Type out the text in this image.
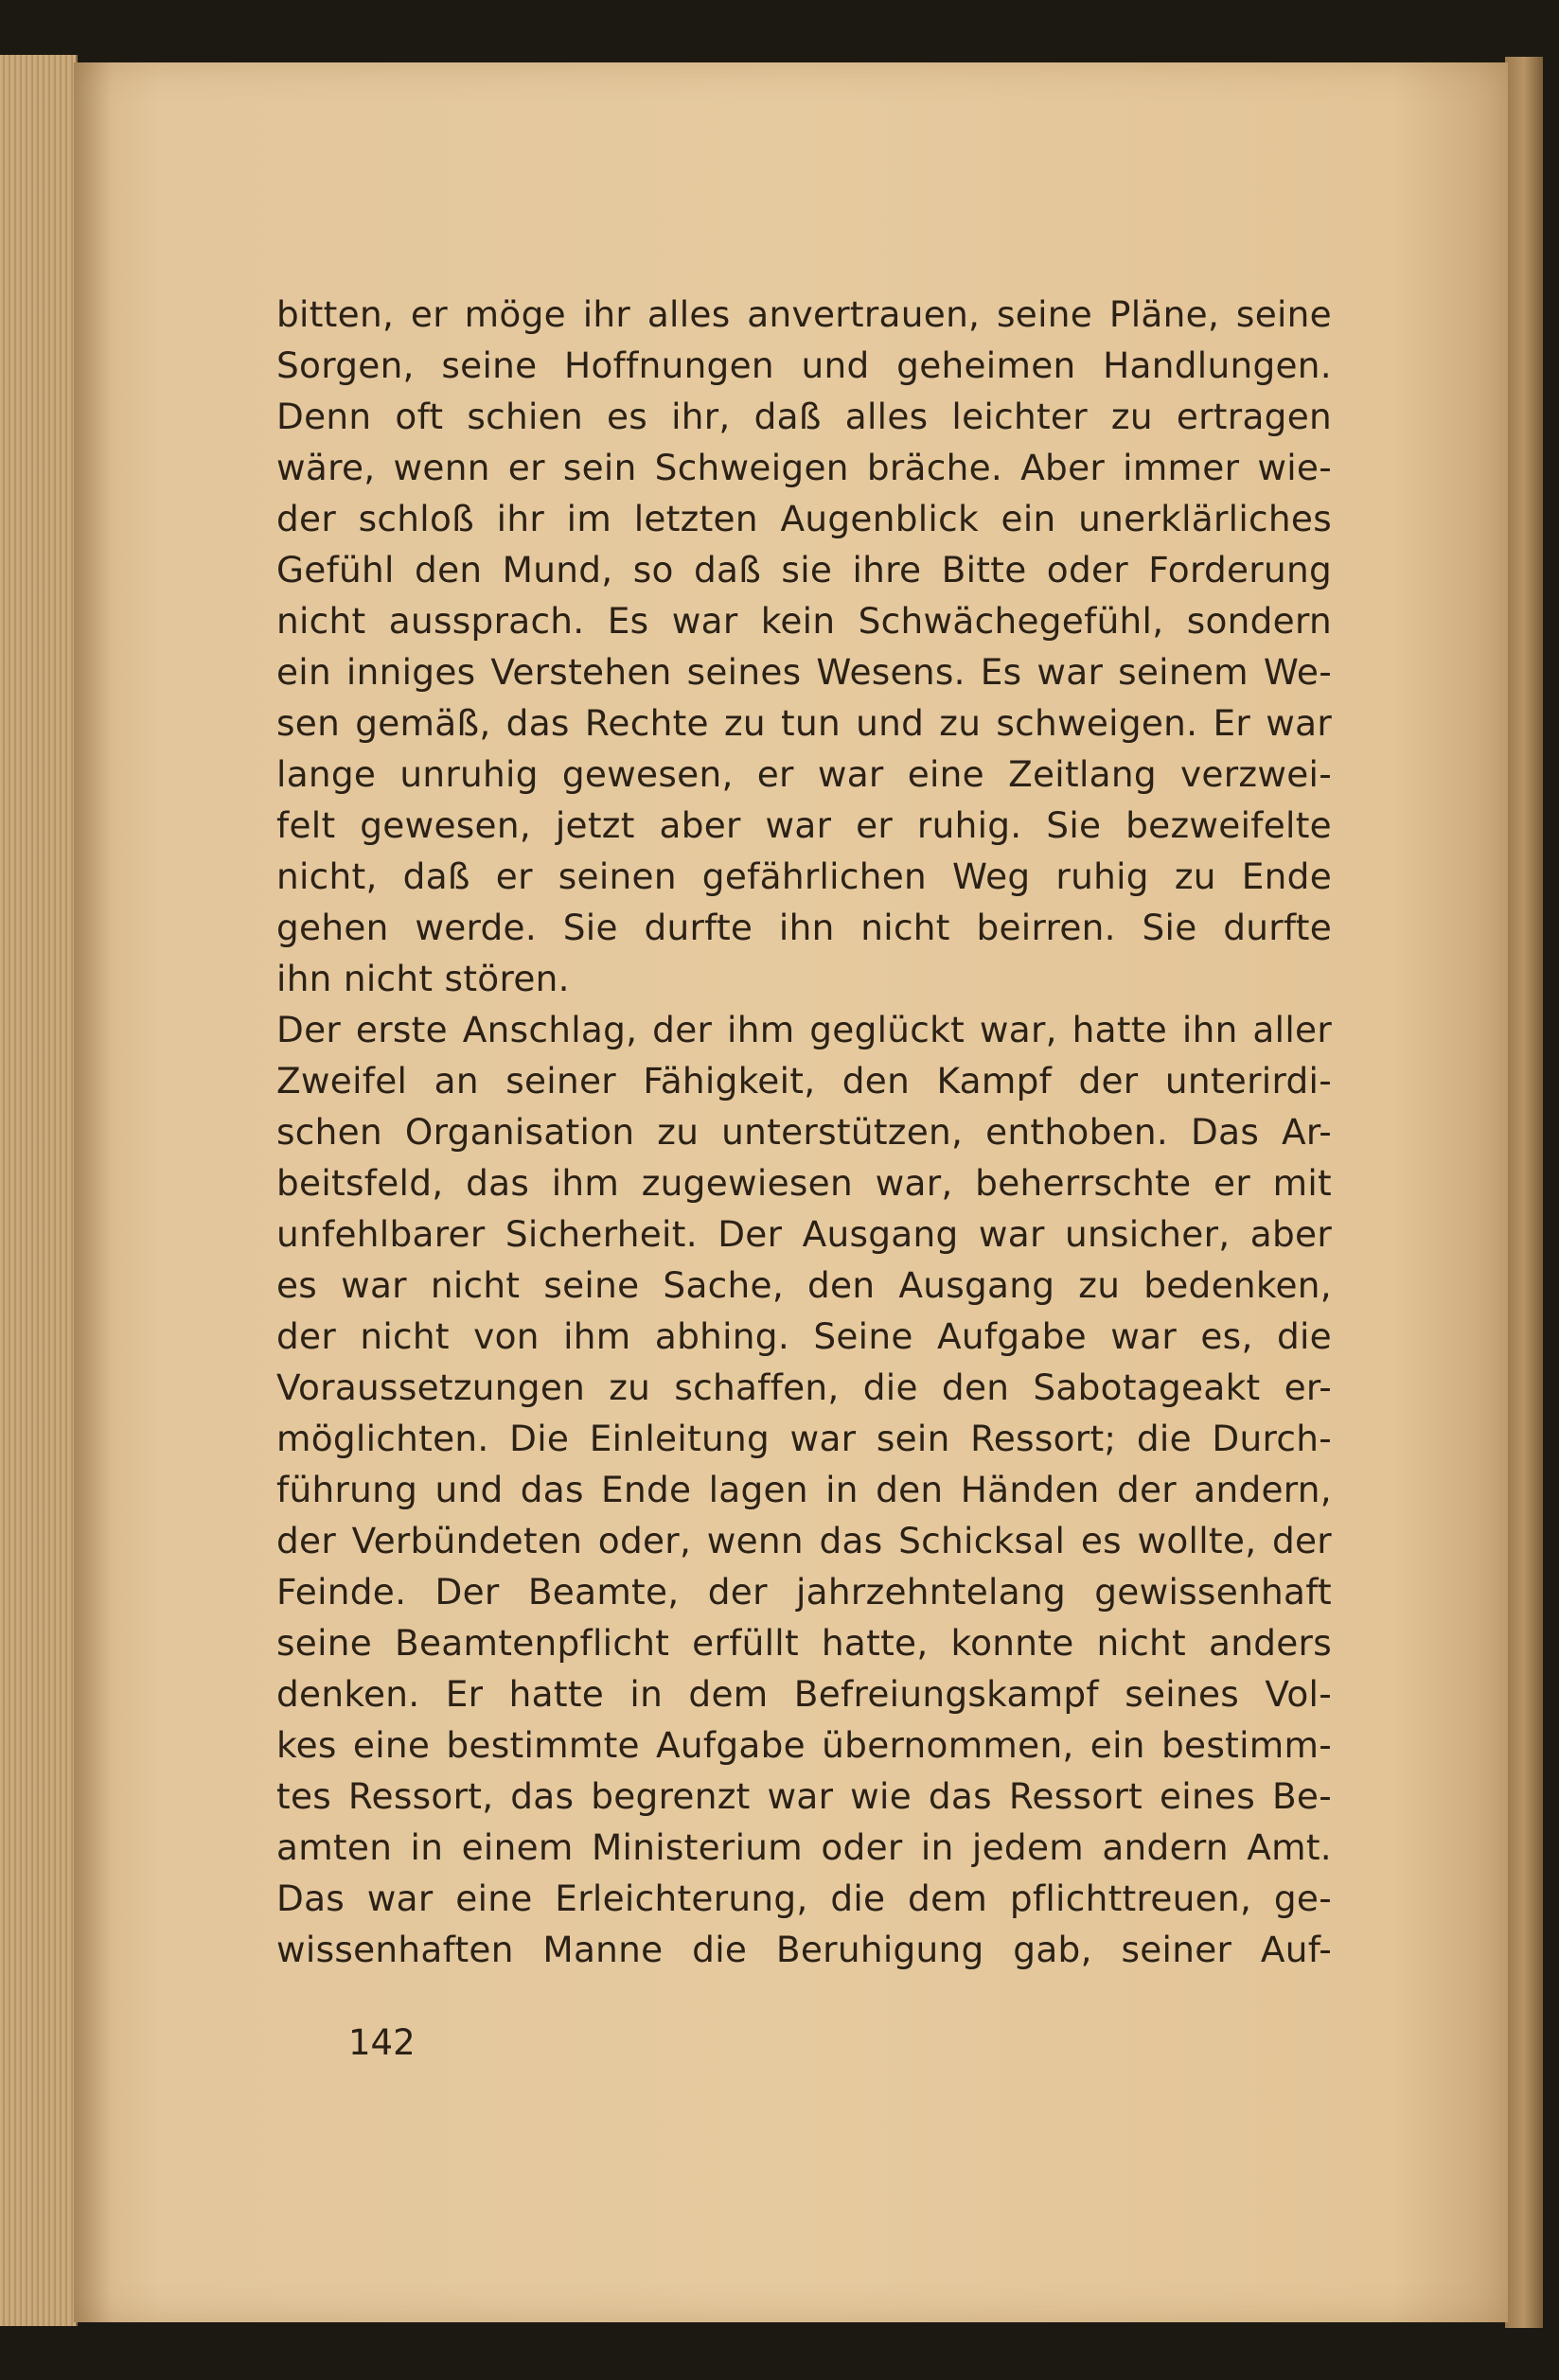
bitten, er möge ihr alles anvertrauen, seine Pläne, seine
Sorgen, seine Hoffnungen und geheimen Handlungen.
Denn oft schien es ihr, daß alles leichter zu ertragen
wäre, wenn er sein Schweigen bräche. Aber immer wie-
der schloß ihr im letzten Augenblick ein unerklärliches
Gefühl den Mund, so daß sie ihre Bitte oder Forderung
nicht aussprach. Es war kein Schwächegefühl, sondern
ein inniges Verstehen seines Wesens. Es war seinem We-
sen gemäß, das Rechte zu tun und zu schweigen. Er war
lange unruhig gewesen, er war eine Zeitlang verzwei-
felt gewesen, jetzt aber war er ruhig. Sie bezweifelte
nicht, daß er seinen gefährlichen Weg ruhig zu Ende
gehen werde. Sie durfte ihn nicht beirren. Sie durfte
ihn nicht stören.
Der erste Anschlag, der ihm geglückt war, hatte ihn aller
Zweifel an seiner Fähigkeit, den Kampf der unterirdi-
schen Organisation zu unterstützen, enthoben. Das Ar-
beitsfeld, das ihm zugewiesen war, beherrschte er mit
unfehlbarer Sicherheit. Der Ausgang war unsicher, aber
es war nicht seine Sache, den Ausgang zu bedenken,
der nicht von ihm abhing. Seine Aufgabe war es, die
Voraussetzungen zu schaffen, die den Sabotageakt er-
möglichten. Die Einleitung war sein Ressort; die Durch-
führung und das Ende lagen in den Händen der andern,
der Verbündeten oder, wenn das Schicksal es wollte, der
Feinde. Der Beamte, der jahrzehntelang gewissenhaft
seine Beamtenpflicht erfüllt hatte, konnte nicht anders
denken. Er hatte in dem Befreiungskampf seines Vol-
kes eine bestimmte Aufgabe übernommen, ein bestimm-
tes Ressort, das begrenzt war wie das Ressort eines Be-
amten in einem Ministerium oder in jedem andern Amt.
Das war eine Erleichterung, die dem pflichttreuen, ge-
wissenhaften Manne die Beruhigung gab, seiner Auf-
142
